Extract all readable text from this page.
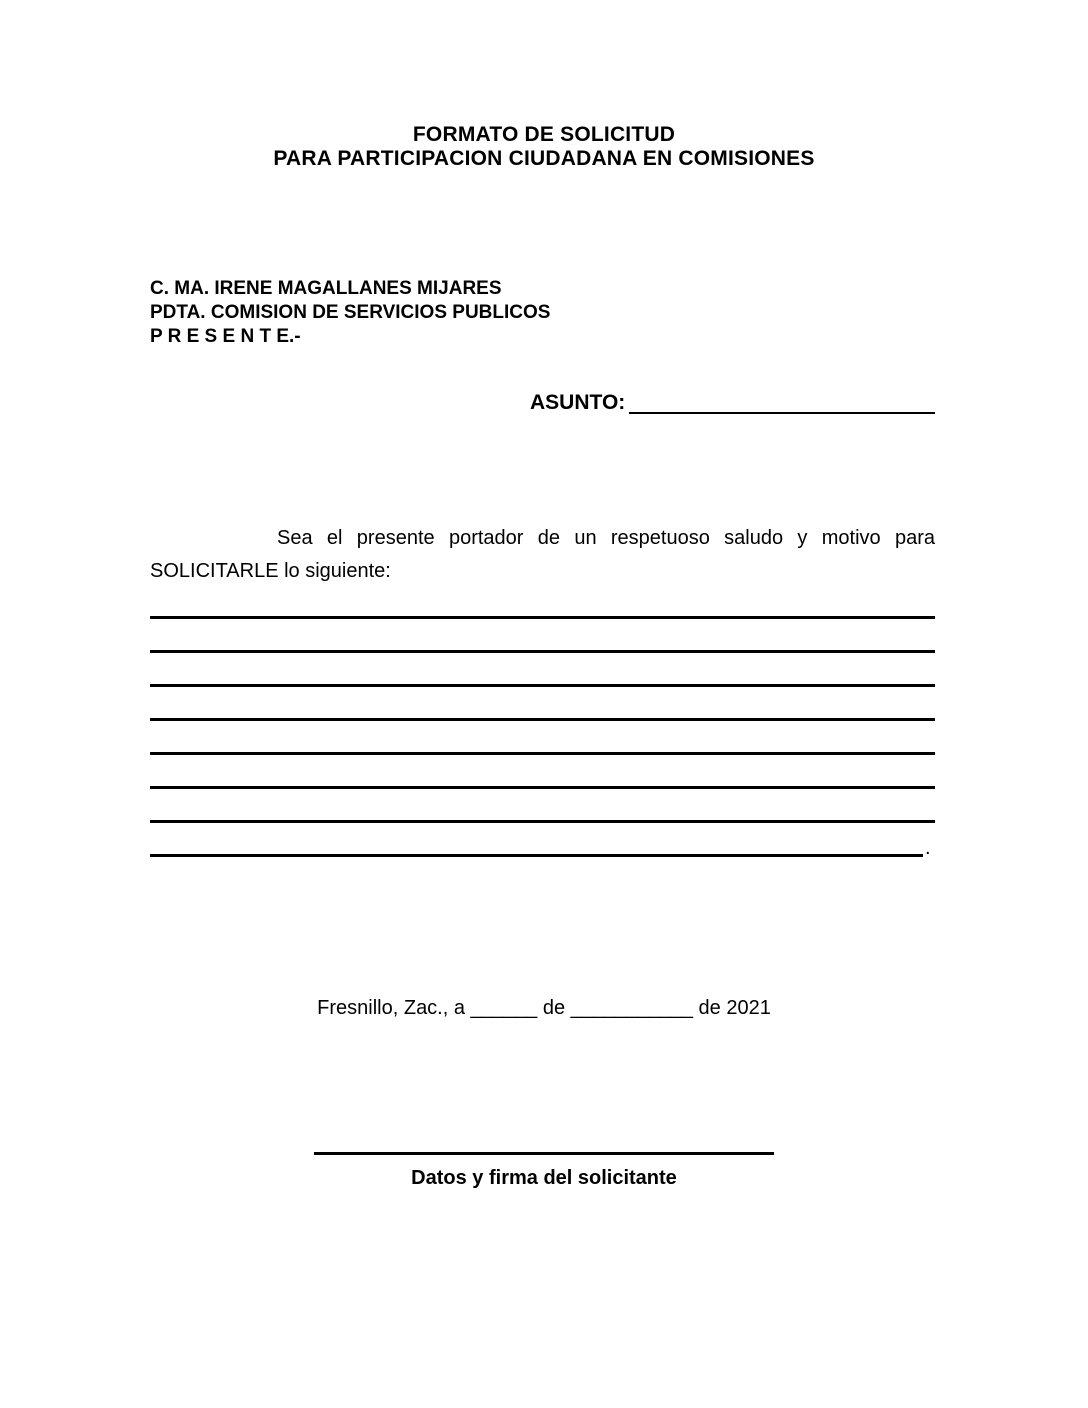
FORMATO DE SOLICITUD
PARA PARTICIPACION CIUDADANA EN COMISIONES
C. MA. IRENE MAGALLANES MIJARES
PDTA. COMISION DE SERVICIOS PUBLICOS
P R E S E N T E.-
ASUNTO:

Sea el presente portador de un respetuoso saludo y motivo para SOLICITARLE lo siguiente:

.
Fresnillo, Zac., a ______ de ___________ de 2021
Datos y firma del solicitante
